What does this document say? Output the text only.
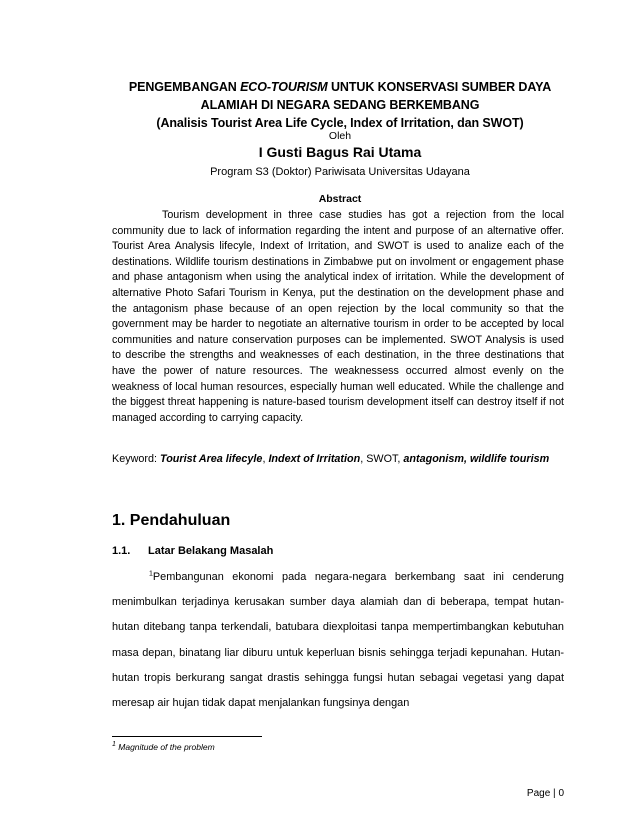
PENGEMBANGAN ECO-TOURISM UNTUK KONSERVASI SUMBER DAYA
ALAMIAH DI NEGARA SEDANG BERKEMBANG
(Analisis Tourist Area Life Cycle, Index of Irritation, dan SWOT)
Oleh
I Gusti Bagus Rai Utama
Program S3 (Doktor) Pariwisata Universitas Udayana
Abstract
Tourism development in three case studies has got a rejection from the local community due to lack of information regarding the intent and purpose of an alternative offer. Tourist Area Analysis lifecyle, Indext of Irritation, and SWOT is used to analize each of the destinations. Wildlife tourism destinations in Zimbabwe put on involment or engagement phase and phase antagonism when using the analytical index of irritation. While the development of alternative Photo Safari Tourism in Kenya, put the destination on the development phase and the antagonism phase because of an open rejection by the local community so that the government may be harder to negotiate an alternative tourism in order to be accepted by local communities and nature conservation purposes can be implemented. SWOT Analysis is used to describe the strengths and weaknesses of each destination, in the three destinations that have the power of nature resources. The weaknessess occurred almost evenly on the weakness of local human resources, especially human well educated. While the challenge and the biggest threat happening is nature-based tourism development itself can destroy itself if not managed according to carrying capacity.
Keyword: Tourist Area lifecyle, Indext of Irritation, SWOT, antagonism, wildlife tourism
1. Pendahuluan
1.1. Latar Belakang Masalah
$^1$Pembangunan ekonomi pada negara-negara berkembang saat ini cenderung menimbulkan terjadinya kerusakan sumber daya alamiah dan di beberapa, tempat hutan-hutan ditebang tanpa terkendali, batubara diexploitasi tanpa mempertimbangkan kebutuhan masa depan, binatang liar diburu untuk keperluan bisnis sehingga terjadi kepunahan. Hutan-hutan tropis berkurang sangat drastis sehingga fungsi hutan sebagai vegetasi yang dapat meresap air hujan tidak dapat menjalankan fungsinya dengan
$^1$ Magnitude of the problem
Page | 0
